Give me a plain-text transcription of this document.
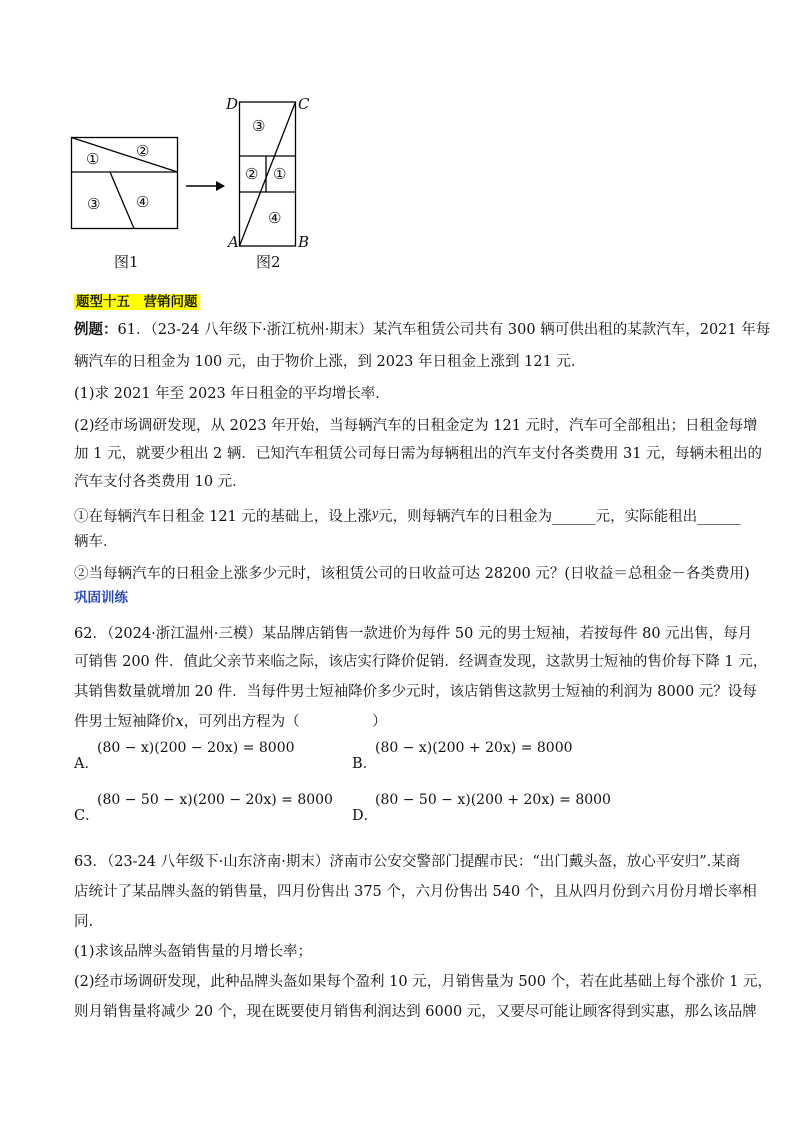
① ②
③ ④
图1
D	C
A	B
③
② ①
④
图2
题型十五　营销问题
例题：61．（23-24 八年级下·浙江杭州·期末）某汽车租赁公司共有 300 辆可供出租的某款汽车，2021 年每
辆汽车的日租金为 100 元，由于物价上涨，到 2023 年日租金上涨到 121 元．
(1)求 2021 年至 2023 年日租金的平均增长率．
(2)经市场调研发现，从 2023 年开始，当每辆汽车的日租金定为 121 元时，汽车可全部租出；日租金每增
加 1 元，就要少租出 2 辆．已知汽车租赁公司每日需为每辆租出的汽车支付各类费用 31 元，每辆未租出的
汽车支付各类费用 10 元．
①在每辆汽车日租金 121 元的基础上，设上涨$^y$元，则每辆汽车的日租金为______元，实际能租出______
辆车．
②当每辆汽车的日租金上涨多少元时，该租赁公司的日收益可达 28200 元？(日收益＝总租金－各类费用)
巩固训练
62．（2024·浙江温州·三模）某品牌店销售一款进价为每件 50 元的男士短袖，若按每件 80 元出售，每月
可销售 200 件．值此父亲节来临之际，该店实行降价促销．经调查发现，这款男士短袖的售价每下降 1 元，
其销售数量就增加 20 件．当每件男士短袖降价多少元时，该店销售这款男士短袖的利润为 8000 元？设每
件男士短袖降价x，可列出方程为（　　　　　）
A．
(80 − x)(200 − 20x) = 8000
B．
(80 − x)(200 + 20x) = 8000
C．
(80 − 50 − x)(200 − 20x) = 8000
D．
(80 − 50 − x)(200 + 20x) = 8000
63．（23-24 八年级下·山东济南·期末）济南市公安交警部门提醒市民：“出门戴头盔，放心平安归”.某商
店统计了某品牌头盔的销售量，四月份售出 375 个，六月份售出 540 个，且从四月份到六月份月增长率相
同.
(1)求该品牌头盔销售量的月增长率；
(2)经市场调研发现，此种品牌头盔如果每个盈利 10 元，月销售量为 500 个，若在此基础上每个涨价 1 元，
则月销售量将减少 20 个，现在既要使月销售利润达到 6000 元，又要尽可能让顾客得到实惠，那么该品牌
